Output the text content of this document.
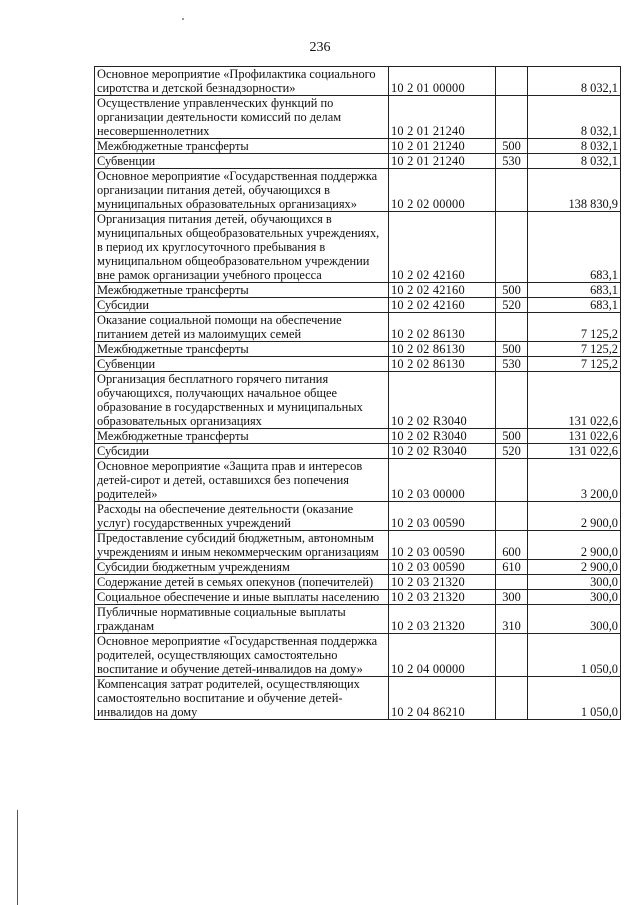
236
Основное мероприятие «Профилактика социального сиротства и детской безнадзорности»	10 2 01 00000		8 032,1
Осуществление управленческих функций по организации деятельности комиссий по делам несовершеннолетних	10 2 01 21240		8 032,1
Межбюджетные трансферты	10 2 01 21240	500	8 032,1
Субвенции	10 2 01 21240	530	8 032,1
Основное мероприятие «Государственная поддержка организации питания детей, обучающихся в муниципальных образовательных организациях»	10 2 02 00000		138 830,9
Организация питания детей, обучающихся в муниципальных общеобразовательных учреждениях, в период их круглосуточного пребывания в муниципальном общеобразовательном учреждении вне рамок организации учебного процесса	10 2 02 42160		683,1
Межбюджетные трансферты	10 2 02 42160	500	683,1
Субсидии	10 2 02 42160	520	683,1
Оказание социальной помощи на обеспечение питанием детей из малоимущих семей	10 2 02 86130		7 125,2
Межбюджетные трансферты	10 2 02 86130	500	7 125,2
Субвенции	10 2 02 86130	530	7 125,2
Организация бесплатного горячего питания обучающихся, получающих начальное общее образование в государственных и муниципальных образовательных организациях	10 2 02 R3040		131 022,6
Межбюджетные трансферты	10 2 02 R3040	500	131 022,6
Субсидии	10 2 02 R3040	520	131 022,6
Основное мероприятие «Защита прав и интересов детей-сирот и детей, оставшихся без попечения родителей»	10 2 03 00000		3 200,0
Расходы на обеспечение деятельности (оказание услуг) государственных учреждений	10 2 03 00590		2 900,0
Предоставление субсидий бюджетным, автономным учреждениям и иным некоммерческим организациям	10 2 03 00590	600	2 900,0
Субсидии бюджетным учреждениям	10 2 03 00590	610	2 900,0
Содержание детей в семьях опекунов (попечителей)	10 2 03 21320		300,0
Социальное обеспечение и иные выплаты населению	10 2 03 21320	300	300,0
Публичные нормативные социальные выплаты гражданам	10 2 03 21320	310	300,0
Основное мероприятие «Государственная поддержка родителей, осуществляющих самостоятельно воспитание и обучение детей-инвалидов на дому»	10 2 04 00000		1 050,0
Компенсация затрат родителей, осуществляющих самостоятельно воспитание и обучение детей-инвалидов на дому	10 2 04 86210		1 050,0
